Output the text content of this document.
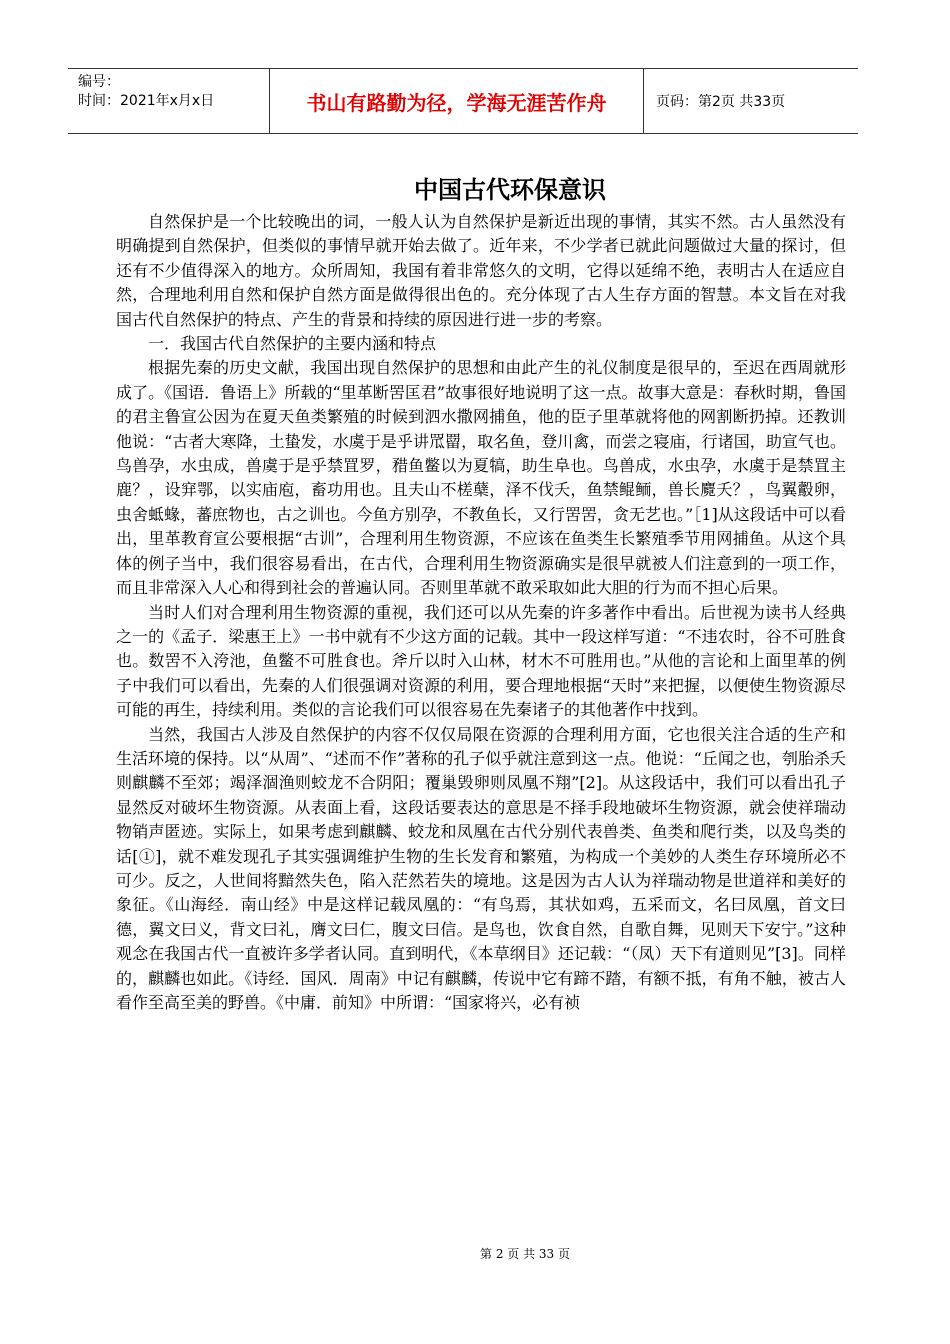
编号：
时间：2021年x月x日	书山有路勤为径，学海无涯苦作舟	页码：第2页 共33页
中国古代环保意识

自然保护是一个比较晚出的词，一般人认为自然保护是新近出现的事情，其实不然。古人虽然没有明确提到自然保护，但类似的事情早就开始去做了。近年来，不少学者已就此问题做过大量的探讨，但还有不少值得深入的地方。众所周知，我国有着非常悠久的文明，它得以延绵不绝，表明古人在适应自然，合理地利用自然和保护自然方面是做得很出色的。充分体现了古人生存方面的智慧。本文旨在对我国古代自然保护的特点、产生的背景和持续的原因进行进一步的考察。

一．我国古代自然保护的主要内涵和特点

根据先秦的历史文献，我国出现自然保护的思想和由此产生的礼仪制度是很早的，至迟在西周就形成了。《国语．鲁语上》所载的“里革断罟匡君”故事很好地说明了这一点。故事大意是：春秋时期，鲁国的君主鲁宣公因为在夏天鱼类繁殖的时候到泗水撒网捕鱼，他的臣子里革就将他的网割断扔掉。还教训他说：“古者大寒降，土蛰发，水虞于是乎讲罛罶，取名鱼，登川禽，而尝之寝庙，行诸国，助宣气也。鸟兽孕，水虫成，兽虞于是乎禁罝罗，矠鱼鳖以为夏犒，助生阜也。鸟兽成，水虫孕，水虞于是禁罝主鹿？，设穽鄂，以实庙庖，畜功用也。且夫山不槎蘖，泽不伐夭，鱼禁鲲鲕，兽长麑夭？，鸟翼鷇卵，虫舍蚳蝝，蕃庶物也，古之训也。今鱼方别孕，不教鱼长，又行罟罟，贪无艺也。”［1]从这段话中可以看出，里革教育宣公要根据“古训”，合理利用生物资源，不应该在鱼类生长繁殖季节用网捕鱼。从这个具体的例子当中，我们很容易看出，在古代，合理利用生物资源确实是很早就被人们注意到的一项工作，而且非常深入人心和得到社会的普遍认同。否则里革就不敢采取如此大胆的行为而不担心后果。

当时人们对合理利用生物资源的重视，我们还可以从先秦的许多著作中看出。后世视为读书人经典之一的《孟子．梁惠王上》一书中就有不少这方面的记载。其中一段这样写道：“不违农时，谷不可胜食也。数罟不入洿池，鱼鳖不可胜食也。斧斤以时入山林，材木不可胜用也。”从他的言论和上面里革的例子中我们可以看出，先秦的人们很强调对资源的利用，要合理地根据“天时”来把握，以便使生物资源尽可能的再生，持续利用。类似的言论我们可以很容易在先秦诸子的其他著作中找到。

当然，我国古人涉及自然保护的内容不仅仅局限在资源的合理利用方面，它也很关注合适的生产和生活环境的保持。以“从周”、“述而不作”著称的孔子似乎就注意到这一点。他说：“丘闻之也，刳胎杀夭则麒麟不至郊；竭泽涸渔则蛟龙不合阴阳；覆巢毁卵则凤凰不翔”[2]。从这段话中，我们可以看出孔子显然反对破坏生物资源。从表面上看，这段话要表达的意思是不择手段地破坏生物资源，就会使祥瑞动物销声匿迹。实际上，如果考虑到麒麟、蛟龙和凤凰在古代分别代表兽类、鱼类和爬行类，以及鸟类的话[①]，就不难发现孔子其实强调维护生物的生长发育和繁殖，为构成一个美妙的人类生存环境所必不可少。反之，人世间将黯然失色，陷入茫然若失的境地。这是因为古人认为祥瑞动物是世道祥和美好的象征。《山海经．南山经》中是这样记载凤凰的：“有鸟焉，其状如鸡，五采而文，名曰凤凰，首文曰德，翼文曰义，背文曰礼，膺文曰仁，腹文曰信。是鸟也，饮食自然，自歌自舞，见则天下安宁。”这种观念在我国古代一直被许多学者认同。直到明代，《本草纲目》还记载：“（凤）天下有道则见”[3]。同样的，麒麟也如此。《诗经．国风．周南》中记有麒麟，传说中它有蹄不踏，有额不抵，有角不触，被古人看作至高至美的野兽。《中庸．前知》中所谓：“国家将兴，必有祯

第 2 页 共 33 页
